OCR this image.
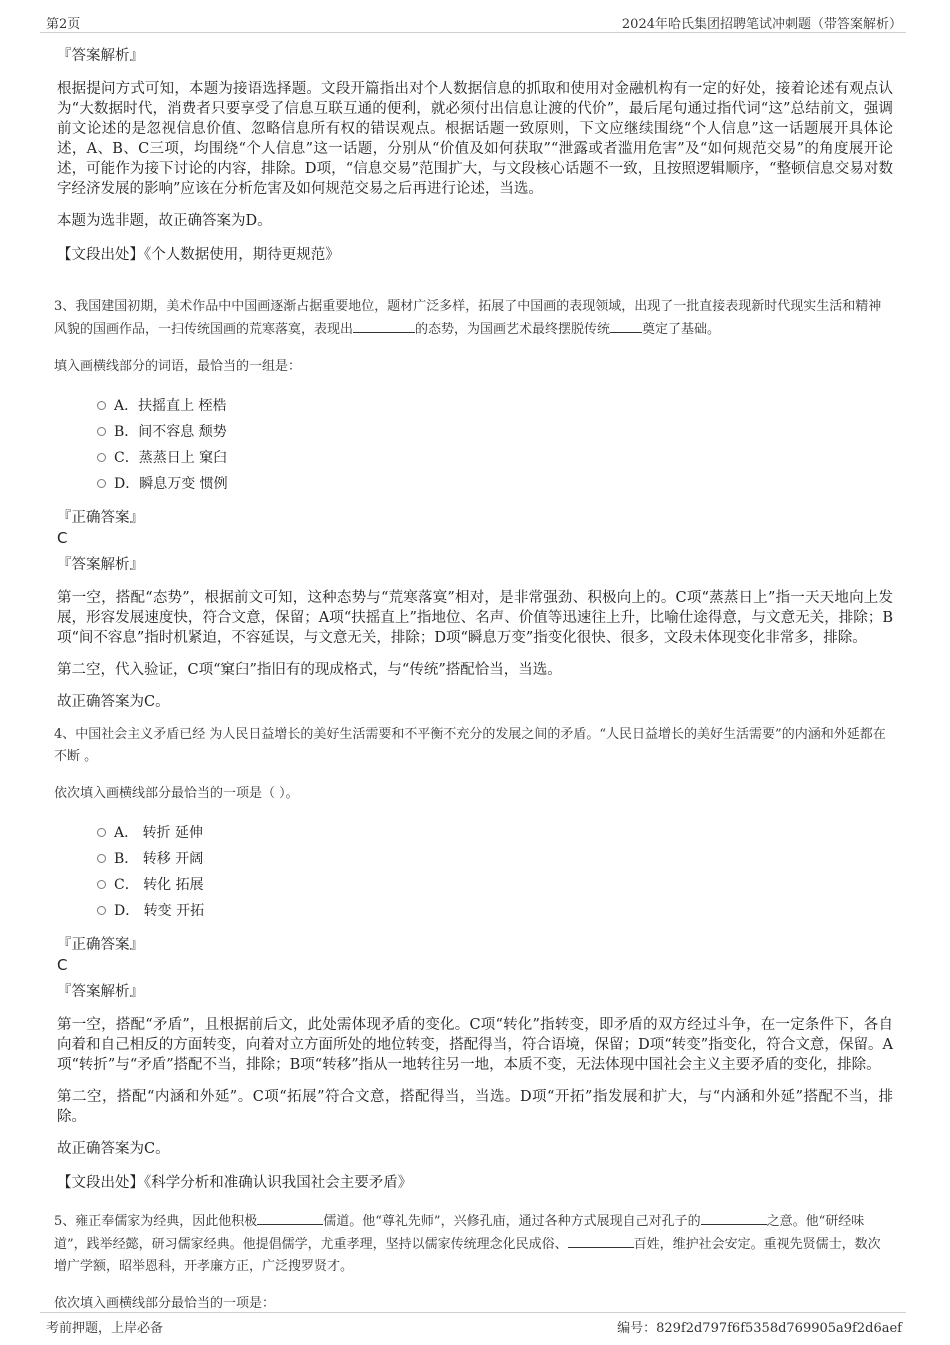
第2页	2024年哈氏集团招聘笔试冲刺题（带答案解析）
『答案解析』
根据提问方式可知，本题为接语选择题。文段开篇指出对个人数据信息的抓取和使用对金融机构有一定的好处，接着论述有观点认为“大数据时代，消费者只要享受了信息互联互通的便利，就必须付出信息让渡的代价”，最后尾句通过指代词“这”总结前文，强调前文论述的是忽视信息价值、忽略信息所有权的错误观点。根据话题一致原则，下文应继续围绕“个人信息”这一话题展开具体论述，A、B、C三项，均围绕“个人信息”这一话题，分别从“价值及如何获取”“泄露或者滥用危害”及“如何规范交易”的角度展开论述，可能作为接下讨论的内容，排除。D项，“信息交易”范围扩大，与文段核心话题不一致，且按照逻辑顺序，“整顿信息交易对数字经济发展的影响”应该在分析危害及如何规范交易之后再进行论述，当选。
本题为选非题，故正确答案为D。
【文段出处】《个人数据使用，期待更规范》
3、我国建国初期，美术作品中中国画逐渐占据重要地位，题材广泛多样，拓展了中国画的表现领域，出现了一批直接表现新时代现实生活和精神风貌的国画作品，一扫传统国画的荒寒落寞，表现出	的态势，为国画艺术最终摆脱传统 奠定了基础。
填入画横线部分的词语，最恰当的一组是：
A．扶摇直上 桎梏
B．间不容息 颓势
C．蒸蒸日上 窠臼
D．瞬息万变 惯例
『正确答案』
C
『答案解析』
第一空，搭配“态势”，根据前文可知，这种态势与“荒寒落寞”相对，是非常强劲、积极向上的。C项“蒸蒸日上”指一天天地向上发展，形容发展速度快，符合文意，保留；A项“扶摇直上”指地位、名声、价值等迅速往上升，比喻仕途得意，与文意无关，排除；B项“间不容息”指时机紧迫，不容延误，与文意无关，排除；D项“瞬息万变”指变化很快、很多，文段未体现变化非常多，排除。
第二空，代入验证，C项“窠臼”指旧有的现成格式，与“传统”搭配恰当，当选。
故正确答案为C。
4、中国社会主义矛盾已经 为人民日益增长的美好生活需要和不平衡不充分的发展之间的矛盾。“人民日益增长的美好生活需要”的内涵和外延都在不断 。
依次填入画横线部分最恰当的一项是（ ）。
A． 转折 延伸
B． 转移 开阔
C． 转化 拓展
D． 转变 开拓
『正确答案』
C
『答案解析』
第一空，搭配“矛盾”，且根据前后文，此处需体现矛盾的变化。C项“转化”指转变，即矛盾的双方经过斗争，在一定条件下，各自向着和自己相反的方面转变，向着对立方面所处的地位转变，搭配得当，符合语境，保留；D项“转变”指变化，符合文意，保留。A项“转折”与“矛盾”搭配不当，排除；B项“转移”指从一地转往另一地，本质不变，无法体现中国社会主义主要矛盾的变化，排除。
第二空，搭配“内涵和外延”。C项“拓展”符合文意，搭配得当，当选。D项“开拓”指发展和扩大，与“内涵和外延”搭配不当，排除。
故正确答案为C。
【文段出处】《科学分析和准确认识我国社会主要矛盾》
5、雍正奉儒家为经典，因此他积极	儒道。他“尊礼先师”，兴修孔庙，通过各种方式展现自己对孔子的	之意。他“研经味道”，践举经懿，研习儒家经典。他提倡儒学，尤重孝理，坚持以儒家传统理念化民成俗、	百姓，维护社会安定。重视先贤儒士，数次增广学额，昭举恩科，开孝廉方正，广泛搜罗贤才。
依次填入画横线部分最恰当的一项是：
考前押题，上岸必备	编号：829f2d797f6f5358d769905a9f2d6aef
